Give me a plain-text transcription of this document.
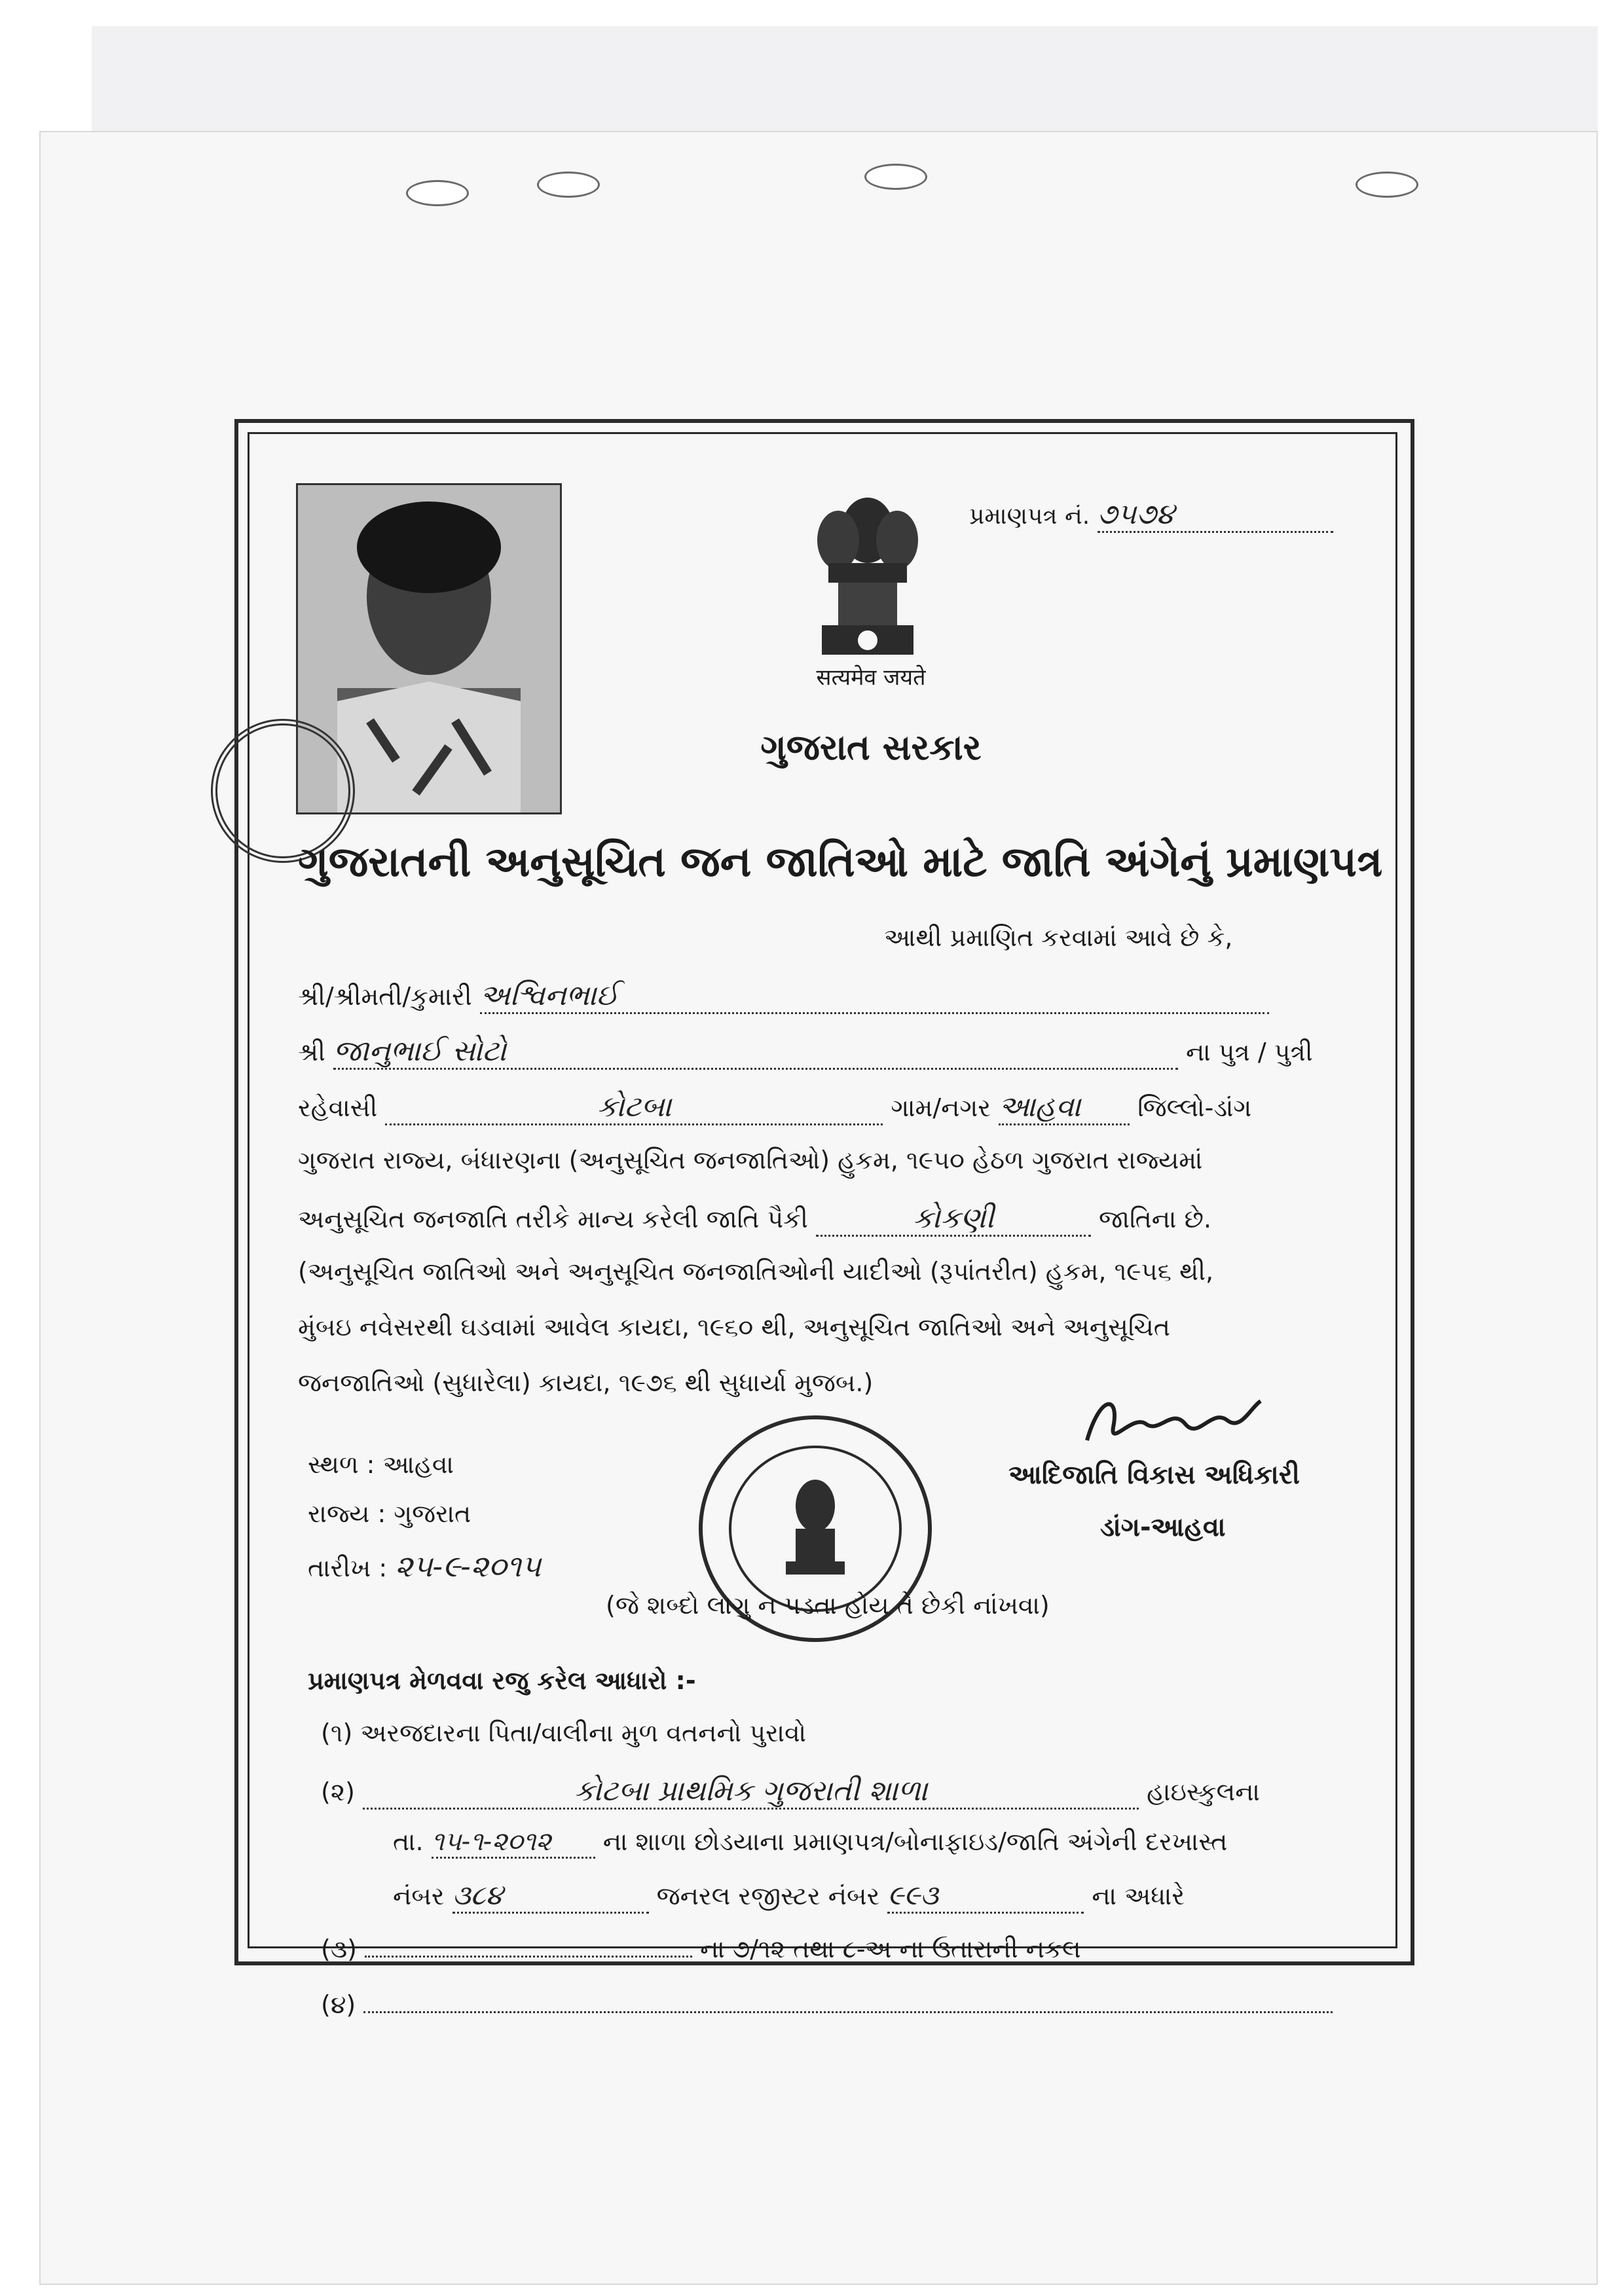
सत्यमेव जयते
પ્રમાણપત્ર નં. ૭૫૭૪
ગુજરાત સરકાર
ગુજરાતની અનુસૂચિત જન જાતિઓ માટે જાતિ અંગેનું પ્રમાણપત્ર
આથી પ્રમાણિત કરવામાં આવે છે કે,
શ્રી/શ્રીમતી/કુમારી અશ્વિનભાઈ
શ્રી જાનુભાઈ સોટો	ના પુત્ર / પુત્રી
રહેવાસી	કોટબા	ગામ/નગર આહવા જિલ્લો-ડાંગ
ગુજરાત રાજ્ય, બંધારણના (અનુસૂચિત જનજાતિઓ) હુકમ, ૧૯૫૦ હેઠળ ગુજરાત રાજ્યમાં
અનુસૂચિત જનજાતિ તરીકે માન્ય કરેલી જાતિ પૈકી	કોકણી	જાતિના છે.
(અનુસૂચિત જાતિઓ અને અનુસૂચિત જનજાતિઓની યાદીઓ (રૂપાંતરીત) હુકમ, ૧૯૫૬ થી,
મુંબઇ નવેસરથી ઘડવામાં આવેલ કાયદા, ૧૯૬૦ થી, અનુસૂચિત જાતિઓ અને અનુસૂચિત
જનજાતિઓ (સુધારેલા) કાયદા, ૧૯૭૬ થી સુધાર્યા મુજબ.)
આદિજાતિ વિકાસ અધિકારી
ડાંગ-આહવા
સ્થળ : આહવા
રાજ્ય : ગુજરાત
તારીખ : ૨૫-૯-૨૦૧૫
(જે શબ્દો લાગુ ન પડતા હોય તે છેકી નાંખવા)
પ્રમાણપત્ર મેળવવા રજુ કરેલ આધારો :-
(૧) અરજદારના પિતા/વાલીના મુળ વતનનો પુરાવો
(૨)	કોટબા પ્રાથમિક ગુજરાતી શાળા	હાઇસ્કુલના
તા. ૧૫-૧-૨૦૧૨ ના શાળા છોડયાના પ્રમાણપત્ર/બોનાફાઇડ/જાતિ અંગેની દરખાસ્ત
નંબર ૩૮૪	જનરલ રજીસ્ટર નંબર ૯૯૩	ના અધારે
(૩)	ના ૭/૧૨ તથા ૮-અ ના ઉતારાની નકલ
(૪)
